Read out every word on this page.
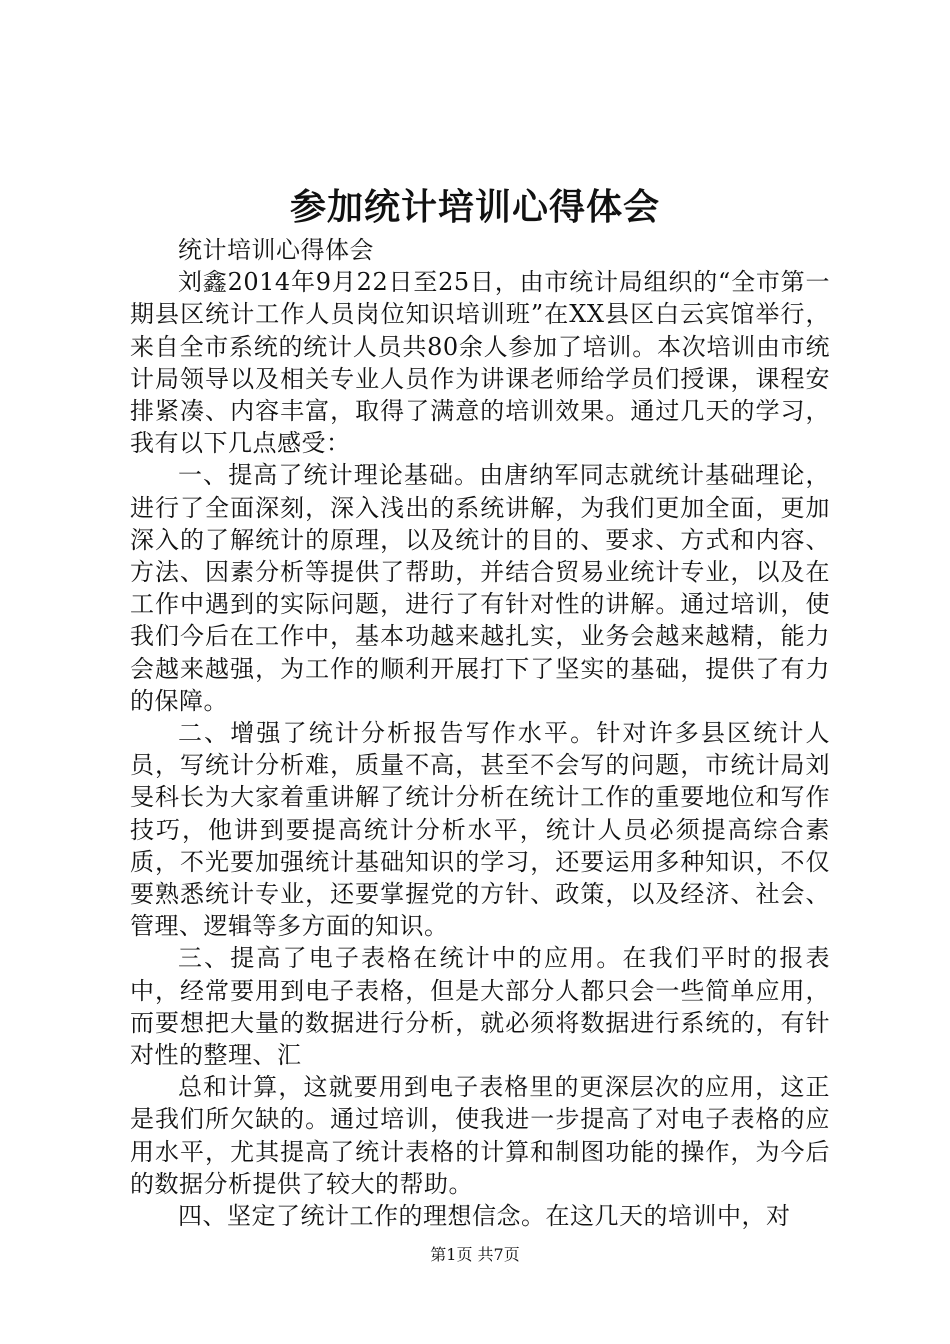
参加统计培训心得体会

统计培训心得体会

刘鑫2014年9月22日至25日，由市统计局组织的“全市第一期县区统计工作人员岗位知识培训班”在XX县区白云宾馆举行，来自全市系统的统计人员共80余人参加了培训。本次培训由市统计局领导以及相关专业人员作为讲课老师给学员们授课，课程安排紧凑、内容丰富，取得了满意的培训效果。通过几天的学习，我有以下几点感受：

一、提高了统计理论基础。由唐纳军同志就统计基础理论，进行了全面深刻，深入浅出的系统讲解，为我们更加全面，更加深入的了解统计的原理，以及统计的目的、要求、方式和内容、方法、因素分析等提供了帮助，并结合贸易业统计专业，以及在工作中遇到的实际问题，进行了有针对性的讲解。通过培训，使我们今后在工作中，基本功越来越扎实，业务会越来越精，能力会越来越强，为工作的顺利开展打下了坚实的基础，提供了有力的保障。

二、增强了统计分析报告写作水平。针对许多县区统计人员，写统计分析难，质量不高，甚至不会写的问题，市统计局刘旻科长为大家着重讲解了统计分析在统计工作的重要地位和写作技巧，他讲到要提高统计分析水平，统计人员必须提高综合素质，不光要加强统计基础知识的学习，还要运用多种知识，不仅要熟悉统计专业，还要掌握党的方针、政策，以及经济、社会、管理、逻辑等多方面的知识。

三、提高了电子表格在统计中的应用。在我们平时的报表中，经常要用到电子表格，但是大部分人都只会一些简单应用，而要想把大量的数据进行分析，就必须将数据进行系统的，有针对性的整理、汇

总和计算，这就要用到电子表格里的更深层次的应用，这正是我们所欠缺的。通过培训，使我进一步提高了对电子表格的应用水平，尤其提高了统计表格的计算和制图功能的操作，为今后的数据分析提供了较大的帮助。

四、坚定了统计工作的理想信念。在这几天的培训中，对

第1页 共7页
